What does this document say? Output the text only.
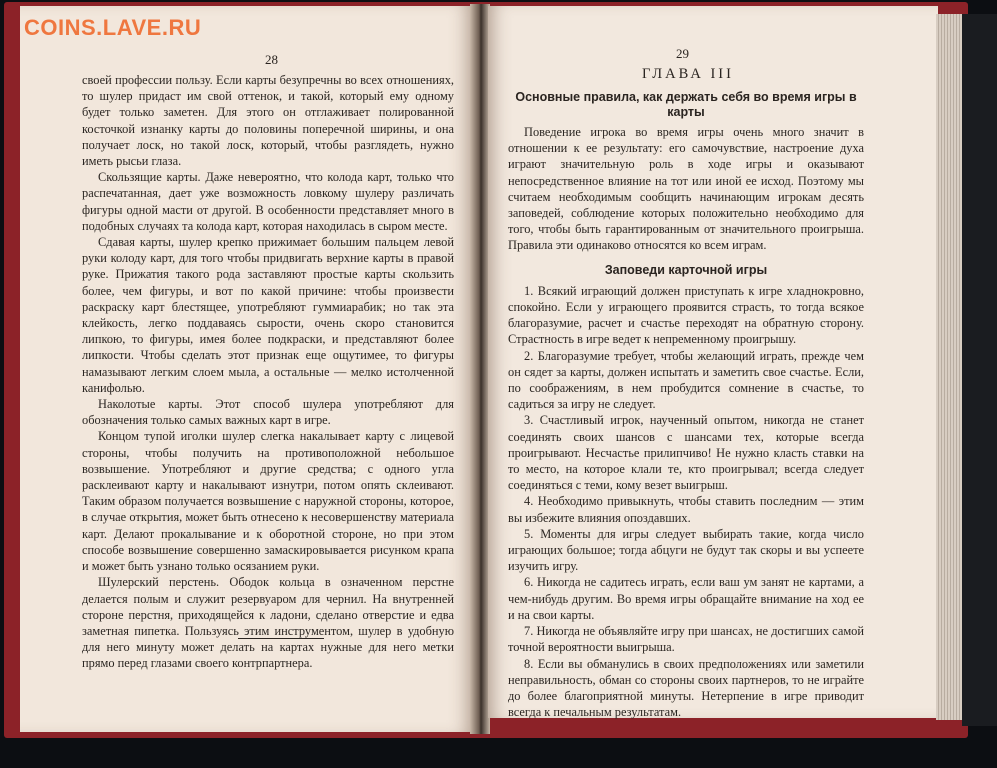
COINS.LAVE.RU
28	29

своей профессии пользу. Если карты безупречны во всех отношениях, то шулер придаст им свой оттенок, и такой, который ему одному будет только заметен. Для этого он отглаживает полированной косточкой изнанку карты до половины поперечной ширины, и она получает лоск, но такой лоск, который, чтобы разглядеть, нужно иметь рысьи глаза.

Скользящие карты. Даже невероятно, что колода карт, только что распечатанная, дает уже возможность ловкому шулеру различать фигуры одной масти от другой. В особенности представляет много в подобных случаях та колода карт, которая находилась в сыром месте.

Сдавая карты, шулер крепко прижимает большим пальцем левой руки колоду карт, для того чтобы придвигать верхние карты в правой руке. Прижатия такого рода заставляют простые карты скользить более, чем фигуры, и вот по какой причине: чтобы произвести раскраску карт блестящее, употребляют гуммиарабик; но так эта клейкость, легко поддаваясь сырости, очень скоро становится липкою, то фигуры, имея более подкраски, и представляют более липкости. Чтобы сделать этот признак еще ощутимее, то фигуры намазывают легким слоем мыла, а остальные — мелко истолченной канифолью.

Наколотые карты. Этот способ шулера употребляют для обозначения только самых важных карт в игре.

Концом тупой иголки шулер слегка накалывает карту с лицевой стороны, чтобы получить на противоположной небольшое возвышение. Употребляют и другие средства; с одного угла расклеивают карту и накалывают изнутри, потом опять склеивают. Таким образом получается возвышение с наружной стороны, которое, в случае открытия, может быть отнесено к несовершенству материала карт. Делают прокалывание и к оборотной стороне, но при этом способе возвышение совершенно замаскировывается рисунком крапа и может быть узнано только осязанием руки.

Шулерский перстень. Ободок кольца в означенном перстне делается полым и служит резервуаром для чернил. На внутренней стороне перстня, приходящейся к ладони, сделано отверстие и едва заметная пипетка. Пользуясь этим инструментом, шулер в удобную для него минуту может делать на картах нужные для него метки прямо перед глазами своего контрпартнера.

ГЛАВА III
Основные правила, как держать себя во время игры в карты

Поведение игрока во время игры очень много значит в отношении к ее результату: его самочувствие, настроение духа играют значительную роль в ходе игры и оказывают непосредственное влияние на тот или иной ее исход. Поэтому мы считаем необходимым сообщить начинающим игрокам десять заповедей, соблюдение которых положительно необходимо для того, чтобы быть гарантированным от значительного проигрыша. Правила эти одинаково относятся ко всем играм.

Заповеди карточной игры

1. Всякий играющий должен приступать к игре хладнокровно, спокойно. Если у играющего проявится страсть, то тогда всякое благоразумие, расчет и счастье переходят на обратную сторону. Страстность в игре ведет к непременному проигрышу.

2. Благоразумие требует, чтобы желающий играть, прежде чем он сядет за карты, должен испытать и заметить свое счастье. Если, по соображениям, в нем пробудится сомнение в счастье, то садиться за игру не следует.

3. Счастливый игрок, наученный опытом, никогда не станет соединять своих шансов с шансами тех, которые всегда проигрывают. Несчастье прилипчиво! Не нужно класть ставки на то место, на которое клали те, кто проигрывал; всегда следует соединяться с теми, кому везет выигрыш.

4. Необходимо привыкнуть, чтобы ставить последним — этим вы избежите влияния опоздавших.

5. Моменты для игры следует выбирать такие, когда число играющих большое; тогда абцуги не будут так скоры и вы успеете изучить игру.

6. Никогда не садитесь играть, если ваш ум занят не картами, а чем-нибудь другим. Во время игры обращайте внимание на ход ее и на свои карты.

7. Никогда не объявляйте игру при шансах, не достигших самой точной вероятности выигрыша.

8. Если вы обманулись в своих предположениях или заметили неправильность, обман со стороны своих партнеров, то не играйте до более благоприятной минуты. Нетерпение в игре приводит всегда к печальным результатам.
